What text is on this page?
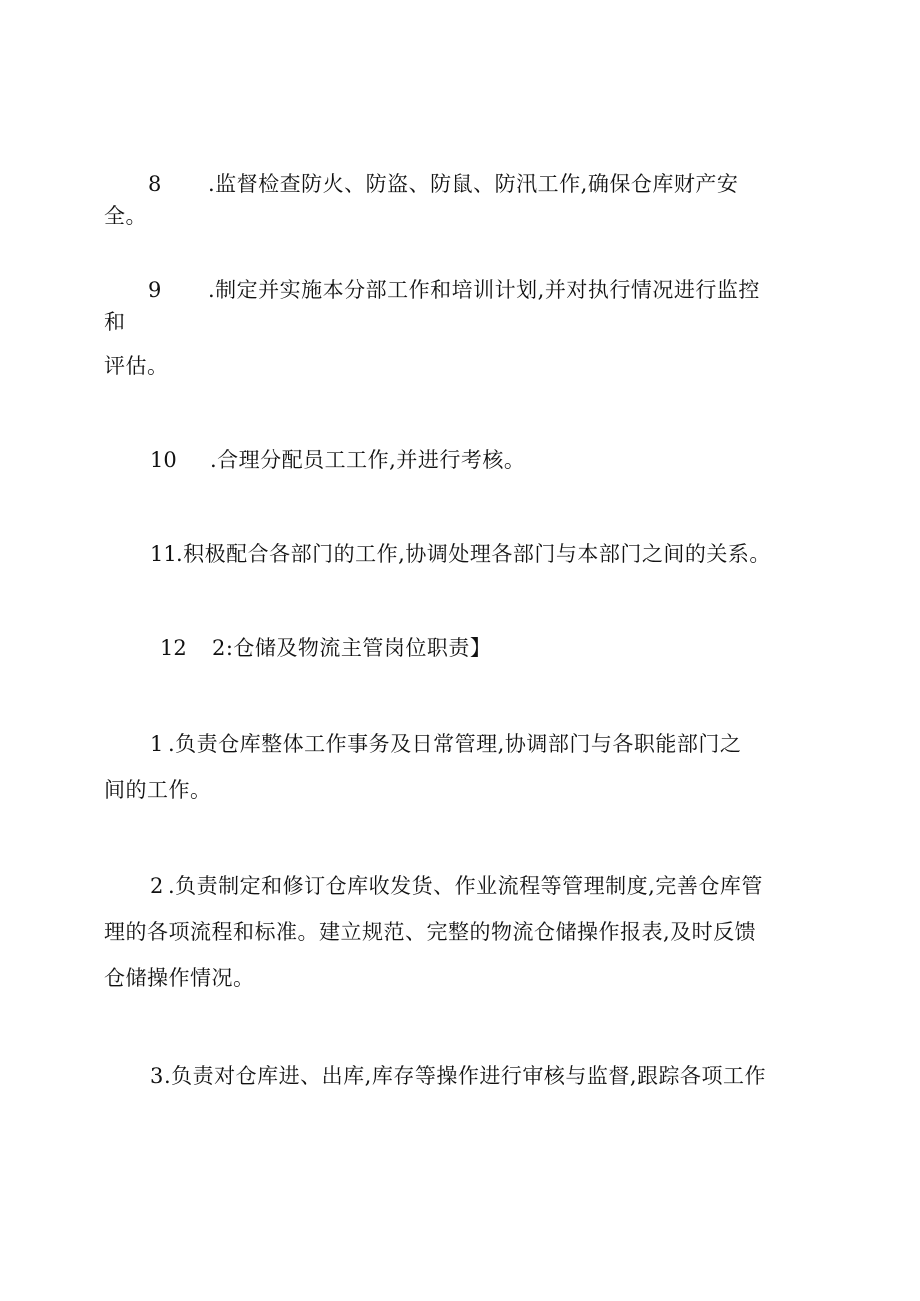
8 .监督检查防火、防盗、防鼠、防汛工作,确保仓库财产安
全。
9 .制定并实施本分部工作和培训计划,并对执行情况进行监控
和
评估。
10 .合理分配员工工作,并进行考核。
11 .积极配合各部门的工作,协调处理各部门与本部门之间的关系。
12 2:仓储及物流主管岗位职责】
1 .负责仓库整体工作事务及日常管理,协调部门与各职能部门之
间的工作。
2 .负责制定和修订仓库收发货、作业流程等管理制度,完善仓库管
理的各项流程和标准。建立规范、完整的物流仓储操作报表,及时反馈
仓储操作情况。
3 .负责对仓库进、出库,库存等操作进行审核与监督,跟踪各项工作
